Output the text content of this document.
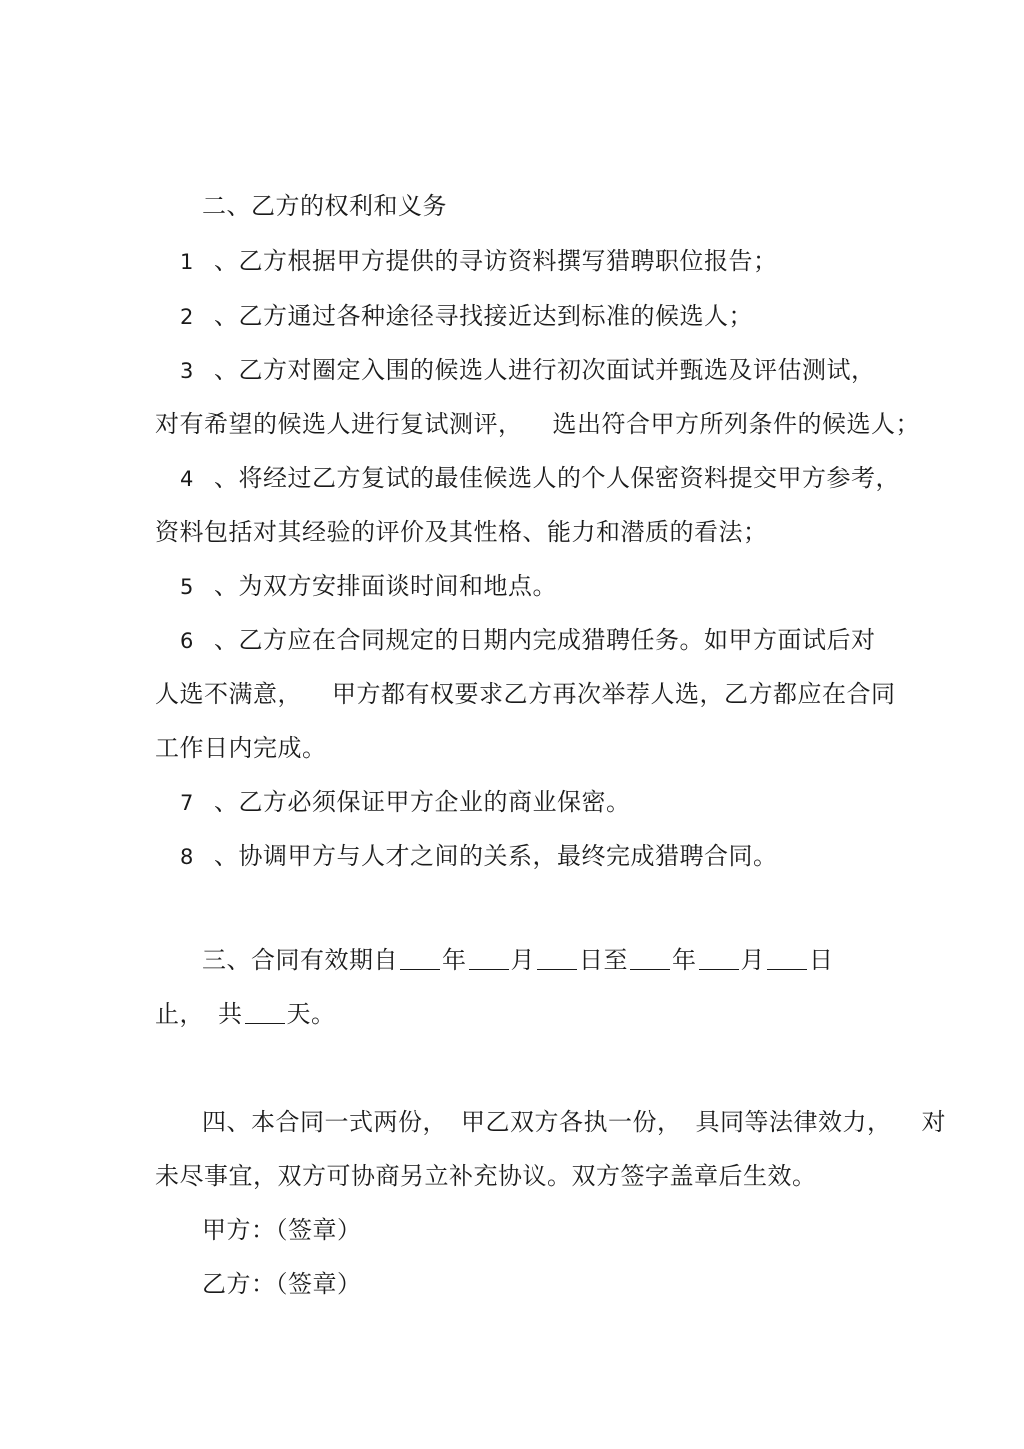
二、乙方的权利和义务
1 、乙方根据甲方提供的寻访资料撰写猎聘职位报告；
2 、乙方通过各种途径寻找接近达到标准的候选人；
3 、乙方对圈定入围的候选人进行初次面试并甄选及评估测试，
对有希望的候选人进行复试测评， 选出符合甲方所列条件的候选人；
4 、将经过乙方复试的最佳候选人的个人保密资料提交甲方参考，
资料包括对其经验的评价及其性格、能力和潜质的看法；
5 、为双方安排面谈时间和地点。
6 、乙方应在合同规定的日期内完成猎聘任务。如甲方面试后对
人选不满意， 甲方都有权要求乙方再次举荐人选，乙方都应在合同
工作日内完成。
7 、乙方必须保证甲方企业的商业保密。
8 、协调甲方与人才之间的关系，最终完成猎聘合同。
三、合同有效期自 年 月 日至 年 月 日
止， 共 天。
四、本合同一式两份， 甲乙双方各执一份， 具同等法律效力， 对
未尽事宜，双方可协商另立补充协议。双方签字盖章后生效。
甲方：（签章）
乙方：（签章）
